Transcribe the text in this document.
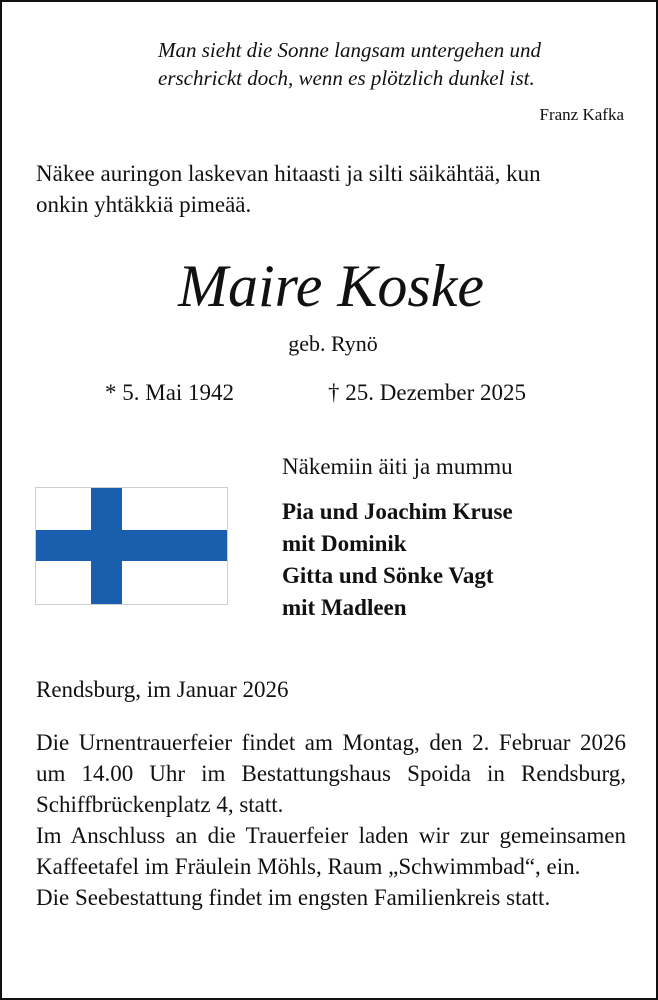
Man sieht die Sonne langsam untergehen und
erschrickt doch, wenn es plötzlich dunkel ist.
Franz Kafka
Näkee auringon laskevan hitaasti ja silti säikähtää, kun
onkin yhtäkkiä pimeää.
Maire Koske
geb. Rynö
* 5. Mai 1942	† 25. Dezember 2025
Näkemiin äiti ja mummu
Pia und Joachim Kruse
mit Dominik
Gitta und Sönke Vagt
mit Madleen
Rendsburg, im Januar 2026

Die Urnentrauerfeier findet am Montag, den 2. Februar 2026 um 14.00 Uhr im Bestattungshaus Spoida in Rendsburg, Schiffbrückenplatz 4, statt.

Im Anschluss an die Trauerfeier laden wir zur gemeinsamen Kaffeetafel im Fräulein Möhls, Raum „Schwimmbad“, ein.

Die Seebestattung findet im engsten Familienkreis statt.
